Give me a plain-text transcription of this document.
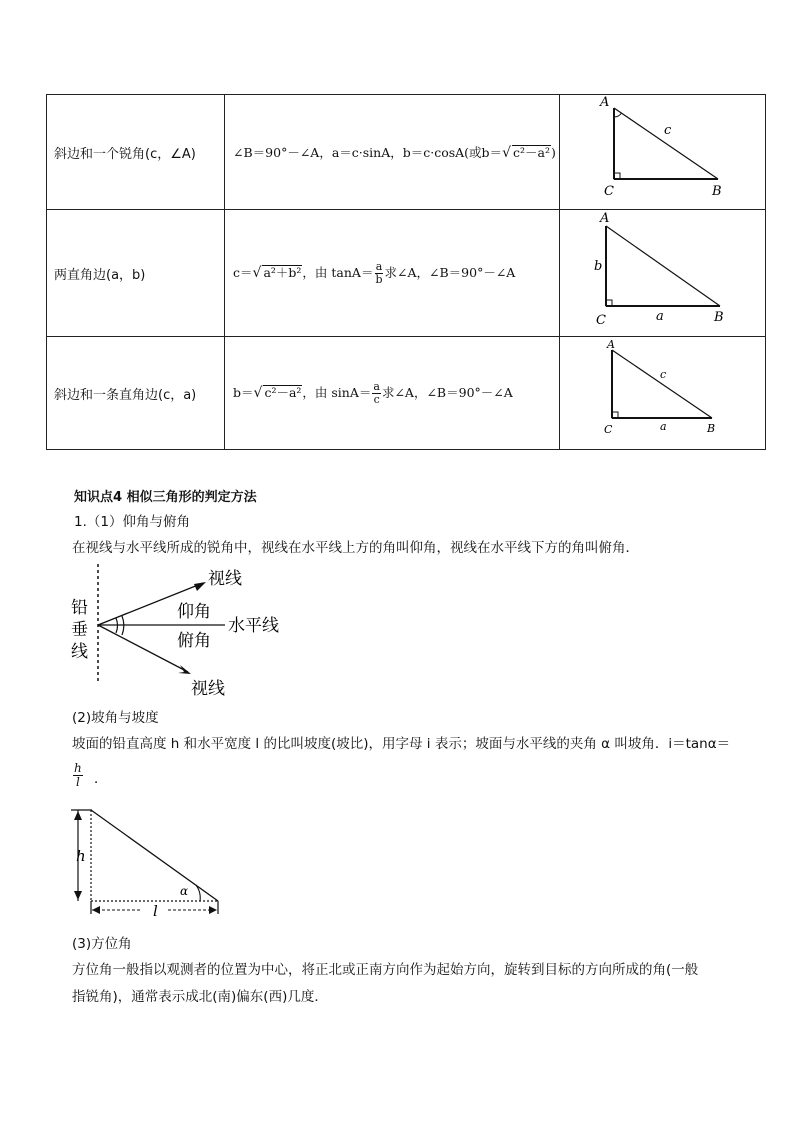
斜边和一个锐角(c，∠A)	∠B＝90°－∠A，a＝c·sinA，b＝c·cosA(或b＝√ c²－a²)	A
C B
c

两直角边(a，b)	c＝√ a²＋b²，由 $\tan A= \frac{a}{b}$ 求∠A，∠B＝90°－∠A	A
b
C a B

斜边和一条直角边(c，a)	b＝√ c²－a²，由 $\sin A= \frac{a}{c}$ 求∠A，∠B＝90°－∠A	A
c
C a B
知识点4 相似三角形的判定方法
1.（1）仰角与俯角
在视线与水平线所成的锐角中，视线在水平线上方的角叫仰角，视线在水平线下方的角叫俯角．
视线
仰角
俯角
水平线
视线
铅
垂
线
(2)坡角与坡度
坡面的铅直高度 h 和水平宽度 l 的比叫坡度(坡比)，用字母 i 表示；坡面与水平线的夹角 α 叫坡角．i＝tanα＝
$\frac{h}{l}$ ．
h
α
l
(3)方位角
方位角一般指以观测者的位置为中心，将正北或正南方向作为起始方向，旋转到目标的方向所成的角(一般
指锐角)，通常表示成北(南)偏东(西)几度．
